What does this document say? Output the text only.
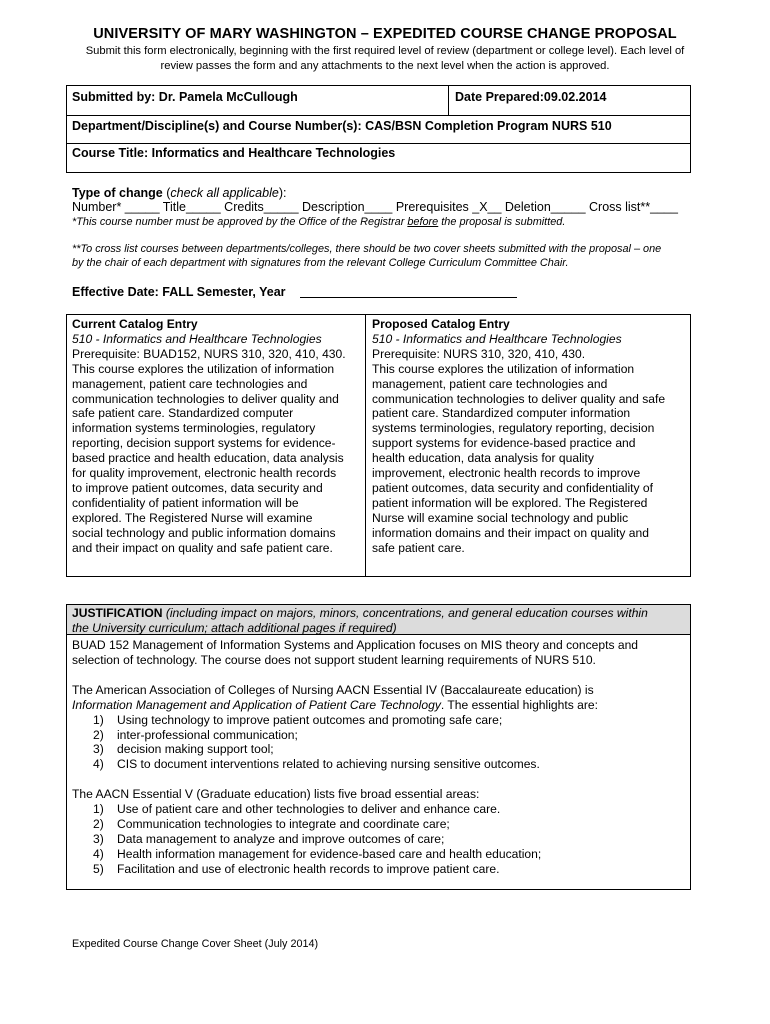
UNIVERSITY OF MARY WASHINGTON – EXPEDITED COURSE CHANGE PROPOSAL
Submit this form electronically, beginning with the first required level of review (department or college level). Each level of
review passes the form and any attachments to the next level when the action is approved.
Submitted by: Dr. Pamela McCullough	Date Prepared:09.02.2014
Department/Discipline(s) and Course Number(s): CAS/BSN Completion Program NURS 510
Course Title: Informatics and Healthcare Technologies
Type of change (check all applicable):
Number* _____ Title_____ Credits_____ Description____ Prerequisites _X__ Deletion_____ Cross list**____
*This course number must be approved by the Office of the Registrar before the proposal is submitted.
**To cross list courses between departments/colleges, there should be two cover sheets submitted with the proposal – one
by the chair of each department with signatures from the relevant College Curriculum Committee Chair.
Effective Date: FALL Semester, Year
Current Catalog Entry
510 - Informatics and Healthcare Technologies
Prerequisite: BUAD152, NURS 310, 320, 410, 430.
This course explores the utilization of information
management, patient care technologies and
communication technologies to deliver quality and
safe patient care. Standardized computer
information systems terminologies, regulatory
reporting, decision support systems for evidence-
based practice and health education, data analysis
for quality improvement, electronic health records
to improve patient outcomes, data security and
confidentiality of patient information will be
explored. The Registered Nurse will examine
social technology and public information domains
and their impact on quality and safe patient care.
Proposed Catalog Entry
510 - Informatics and Healthcare Technologies
Prerequisite: NURS 310, 320, 410, 430.
This course explores the utilization of information
management, patient care technologies and
communication technologies to deliver quality and safe
patient care. Standardized computer information
systems terminologies, regulatory reporting, decision
support systems for evidence-based practice and
health education, data analysis for quality
improvement, electronic health records to improve
patient outcomes, data security and confidentiality of
patient information will be explored. The Registered
Nurse will examine social technology and public
information domains and their impact on quality and
safe patient care.
JUSTIFICATION (including impact on majors, minors, concentrations, and general education courses within
the University curriculum; attach additional pages if required)

BUAD 152 Management of Information Systems and Application focuses on MIS theory and concepts and

selection of technology. The course does not support student learning requirements of NURS 510.

The American Association of Colleges of Nursing AACN Essential IV (Baccalaureate education) is

Information Management and Application of Patient Care Technology. The essential highlights are:

1) Using technology to improve patient outcomes and promoting safe care;
2) inter-professional communication;
3) decision making support tool;
4) CIS to document interventions related to achieving nursing sensitive outcomes.

The AACN Essential V (Graduate education) lists five broad essential areas:

1) Use of patient care and other technologies to deliver and enhance care.
2) Communication technologies to integrate and coordinate care;
3) Data management to analyze and improve outcomes of care;
4) Health information management for evidence-based care and health education;
5) Facilitation and use of electronic health records to improve patient care.
Expedited Course Change Cover Sheet (July 2014)
